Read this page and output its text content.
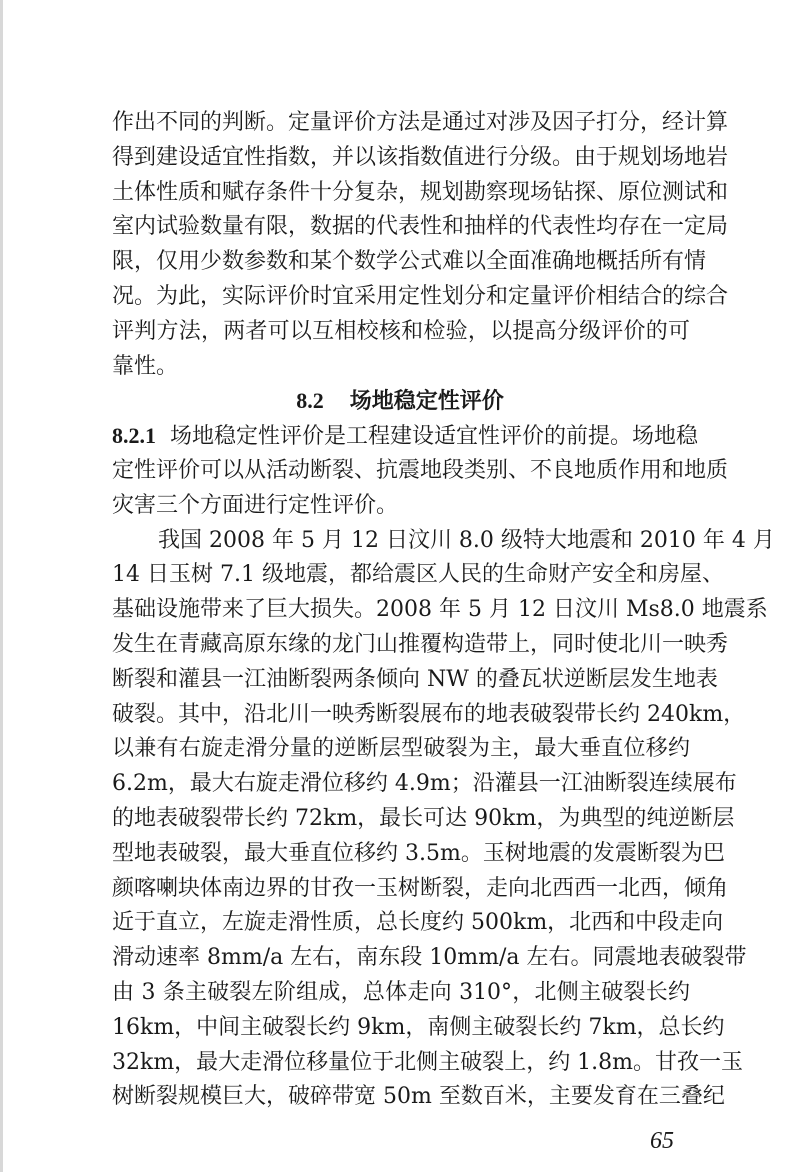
作出不同的判断。定量评价方法是通过对涉及因子打分，经计算
得到建设适宜性指数，并以该指数值进行分级。由于规划场地岩
土体性质和赋存条件十分复杂，规划勘察现场钻探、原位测试和
室内试验数量有限，数据的代表性和抽样的代表性均存在一定局
限，仅用少数参数和某个数学公式难以全面准确地概括所有情
况。为此，实际评价时宜采用定性划分和定量评价相结合的综合
评判方法，两者可以互相校核和检验，以提高分级评价的可
靠性。
8.2 场地稳定性评价
8.2.1 场地稳定性评价是工程建设适宜性评价的前提。场地稳
定性评价可以从活动断裂、抗震地段类别、不良地质作用和地质
灾害三个方面进行定性评价。
我国 2008 年 5 月 12 日汶川 8.0 级特大地震和 2010 年 4 月
14 日玉树 7.1 级地震，都给震区人民的生命财产安全和房屋、
基础设施带来了巨大损失。2008 年 5 月 12 日汶川 Ms8.0 地震系
发生在青藏高原东缘的龙门山推覆构造带上，同时使北川一映秀
断裂和灌县一江油断裂两条倾向 NW 的叠瓦状逆断层发生地表
破裂。其中，沿北川一映秀断裂展布的地表破裂带长约 240km，
以兼有右旋走滑分量的逆断层型破裂为主，最大垂直位移约
6.2m，最大右旋走滑位移约 4.9m；沿灌县一江油断裂连续展布
的地表破裂带长约 72km，最长可达 90km，为典型的纯逆断层
型地表破裂，最大垂直位移约 3.5m。玉树地震的发震断裂为巴
颜喀喇块体南边界的甘孜一玉树断裂，走向北西西一北西，倾角
近于直立，左旋走滑性质，总长度约 500km，北西和中段走向
滑动速率 8mm/a 左右，南东段 10mm/a 左右。同震地表破裂带
由 3 条主破裂左阶组成，总体走向 310°，北侧主破裂长约
16km，中间主破裂长约 9km，南侧主破裂长约 7km，总长约
32km，最大走滑位移量位于北侧主破裂上，约 1.8m。甘孜一玉
树断裂规模巨大，破碎带宽 50m 至数百米，主要发育在三叠纪
65
